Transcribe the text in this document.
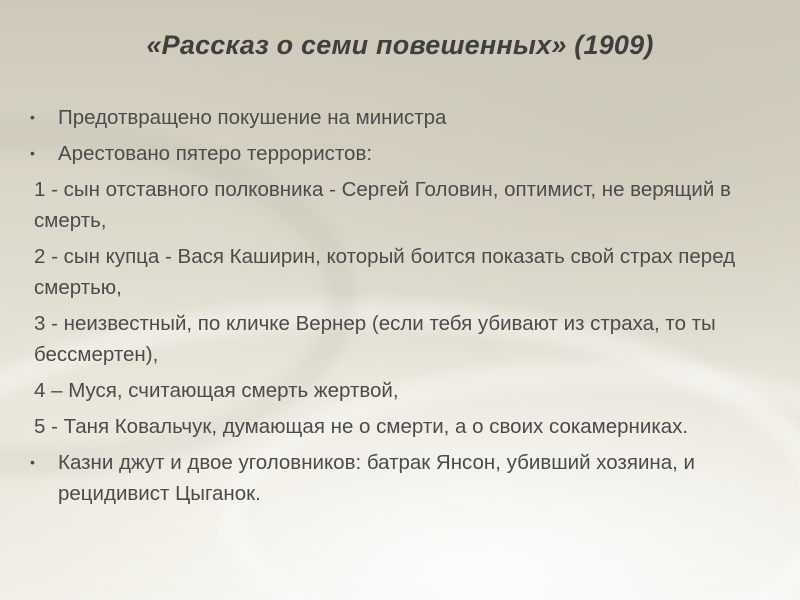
«Рассказ о семи повешенных» (1909)
•	Предотвращено покушение на министра
•	Арестовано пятеро террористов:
1 - сын отставного полковника - Сергей Головин, оптимист, не верящий в смерть,
2 - сын купца - Вася Каширин, который боится показать свой страх перед смертью,
3 - неизвестный, по кличке Вернер (если тебя убивают из страха, то ты бессмертен),
4 – Муся, считающая смерть жертвой,
5 - Таня Ковальчук, думающая не о смерти, а о своих сокамерниках.
•	Казни джут и двое уголовников: батрак Янсон, убивший хозяина, и рецидивист Цыганок.
